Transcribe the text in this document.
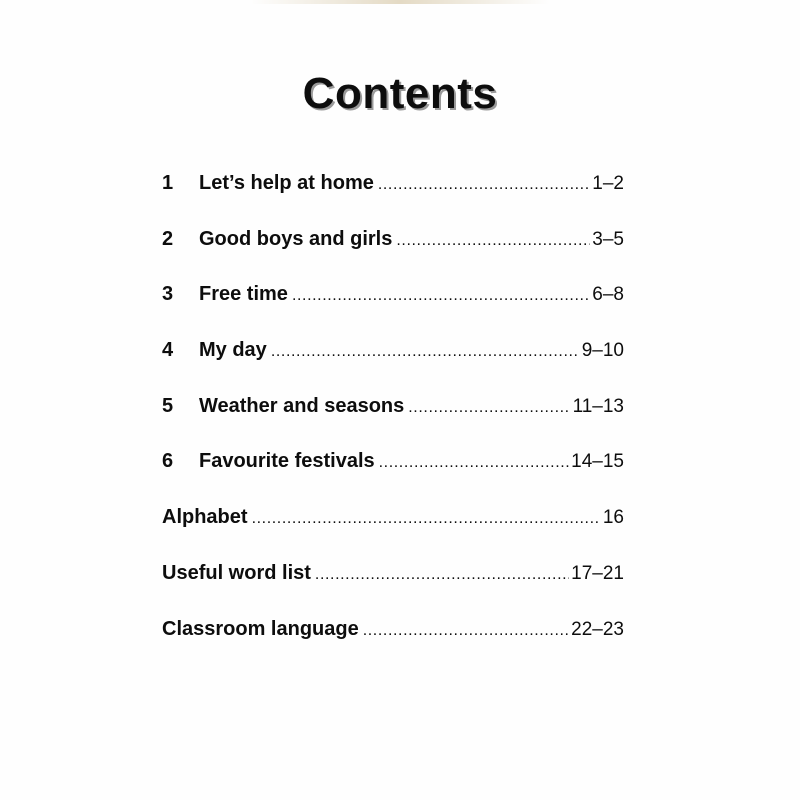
Contents
1	Let’s help at home .....	1–2
2	Good boys and girls .....	3–5
3	Free time .....	6–8
4	My day .....	9–10
5	Weather and seasons .....	11–13
6	Favourite festivals .....	14–15
Alphabet .....	16
Useful word list .....	17–21
Classroom language .....	22–23
